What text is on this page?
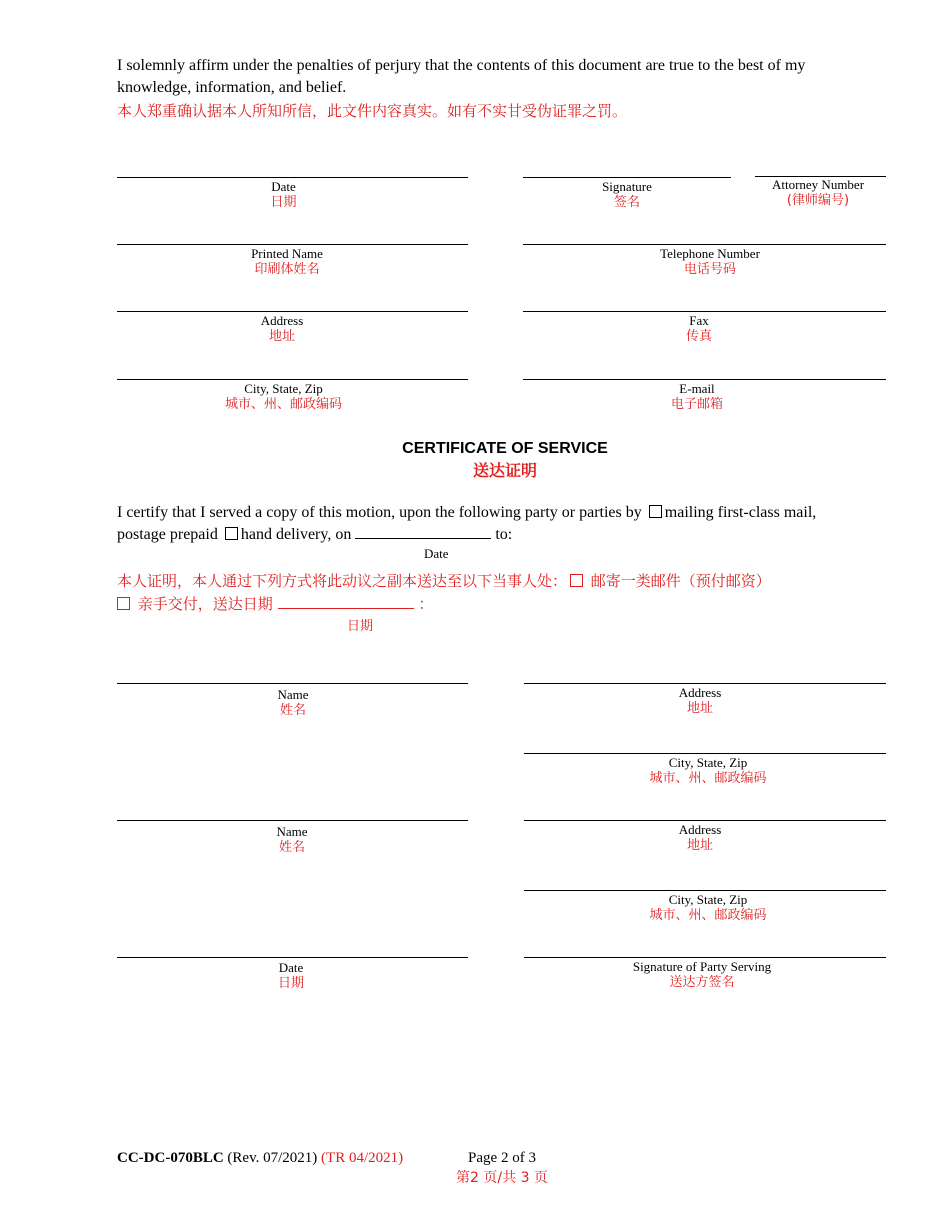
I solemnly affirm under the penalties of perjury that the contents of this document are true to the best of my
knowledge, information, and belief.
本人郑重确认据本人所知所信，此文件内容真实。如有不实甘受伪证罪之罚。
Date
日期
Signature
签名
Attorney Number
(律师编号)
Printed Name
印刷体姓名
Telephone Number
电话号码
Address
地址
Fax
传真
City, State, Zip
城市、州、邮政编码
E-mail
电子邮箱
CERTIFICATE OF SERVICE
送达证明
I certify that I served a copy of this motion, upon the following party or parties by mailing first-class mail,
postage prepaid hand delivery, on	to:
Date
本人证明，本人通过下列方式将此动议之副本送达至以下当事人处： 邮寄一类邮件（预付邮资）
亲手交付，送达日期	：
日期
Name
姓名
Address
地址
City, State, Zip
城市、州、邮政编码
Name
姓名
Address
地址
City, State, Zip
城市、州、邮政编码
Date
日期
Signature of Party Serving
送达方签名
CC-DC-070BLC (Rev. 07/2021) (TR 04/2021)	Page 2 of 3
第2 页/共 3 页
